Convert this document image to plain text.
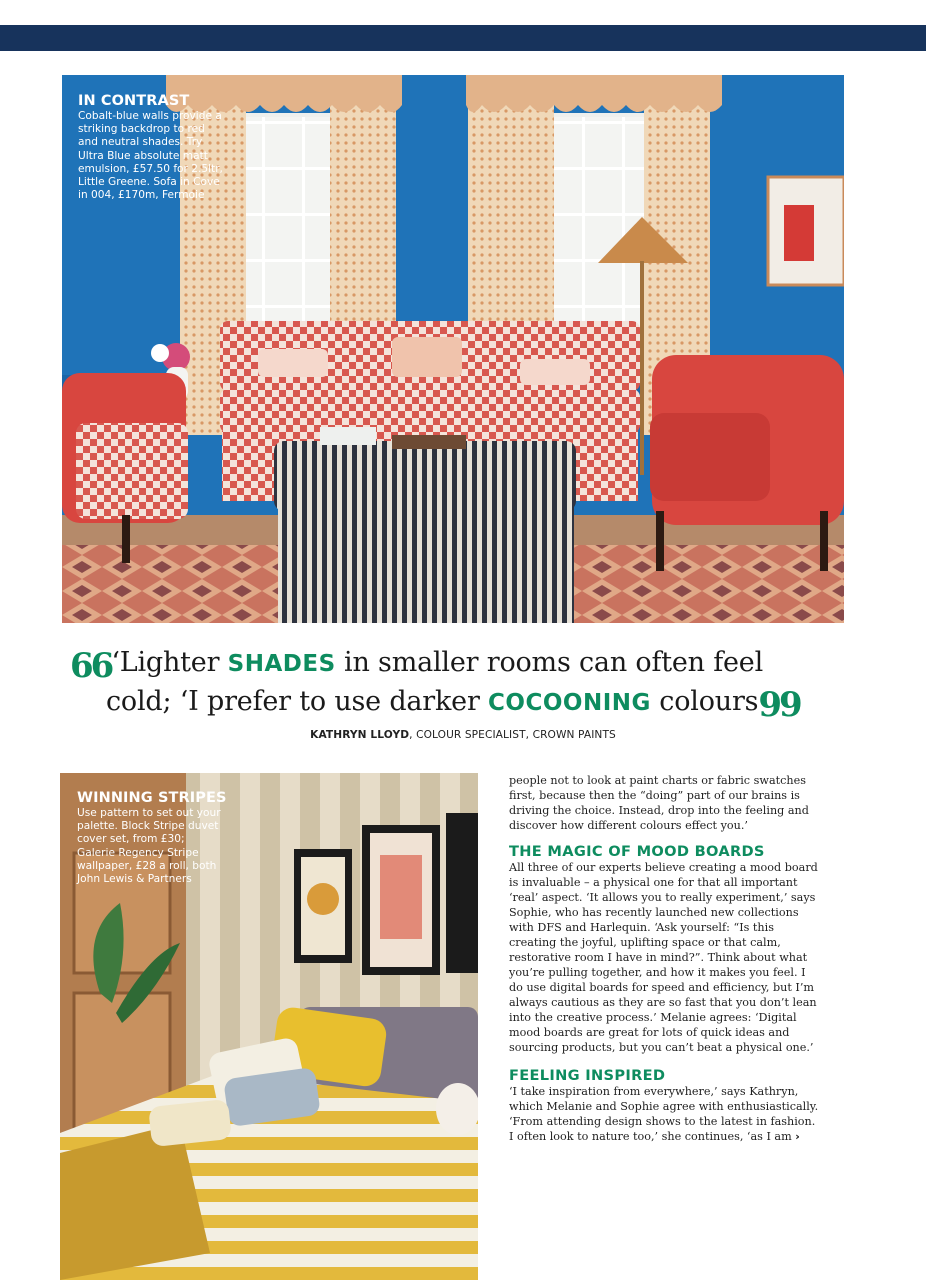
IN CONTRAST
Cobalt-blue walls provide a
striking backdrop to red
and neutral shades. Try
Ultra Blue absolute matt
emulsion, £57.50 for 2.5ltr,
Little Greene. Sofa in Cove
in 004, £170m, Fermoie
66‘Lighter SHADES in smaller rooms can often feel
cold; ‘I prefer to use darker COCOONING colours99
KATHRYN LLOYD, COLOUR SPECIALIST, CROWN PAINTS
WINNING STRIPES
Use pattern to set out your
palette. Block Stripe duvet
cover set, from £30;
Galerie Regency Stripe
wallpaper, £28 a roll, both
John Lewis & Partners

people not to look at paint charts or fabric swatches

first, because then the “doing” part of our brains is

driving the choice. Instead, drop into the feeling and

discover how different colours effect you.’

THE MAGIC OF MOOD BOARDS

All three of our experts believe creating a mood board

is invaluable – a physical one for that all important

‘real’ aspect. ‘It allows you to really experiment,’ says

Sophie, who has recently launched new collections

with DFS and Harlequin. ‘Ask yourself: “Is this

creating the joyful, uplifting space or that calm,

restorative room I have in mind?”. Think about what

you’re pulling together, and how it makes you feel. I

do use digital boards for speed and efficiency, but I’m

always cautious as they are so fast that you don’t lean

into the creative process.’ Melanie agrees: ‘Digital

mood boards are great for lots of quick ideas and

sourcing products, but you can’t beat a physical one.’

FEELING INSPIRED

‘I take inspiration from everywhere,’ says Kathryn,

which Melanie and Sophie agree with enthusiastically.

‘From attending design shows to the latest in fashion.

I often look to nature too,’ she continues, ‘as I am ›
